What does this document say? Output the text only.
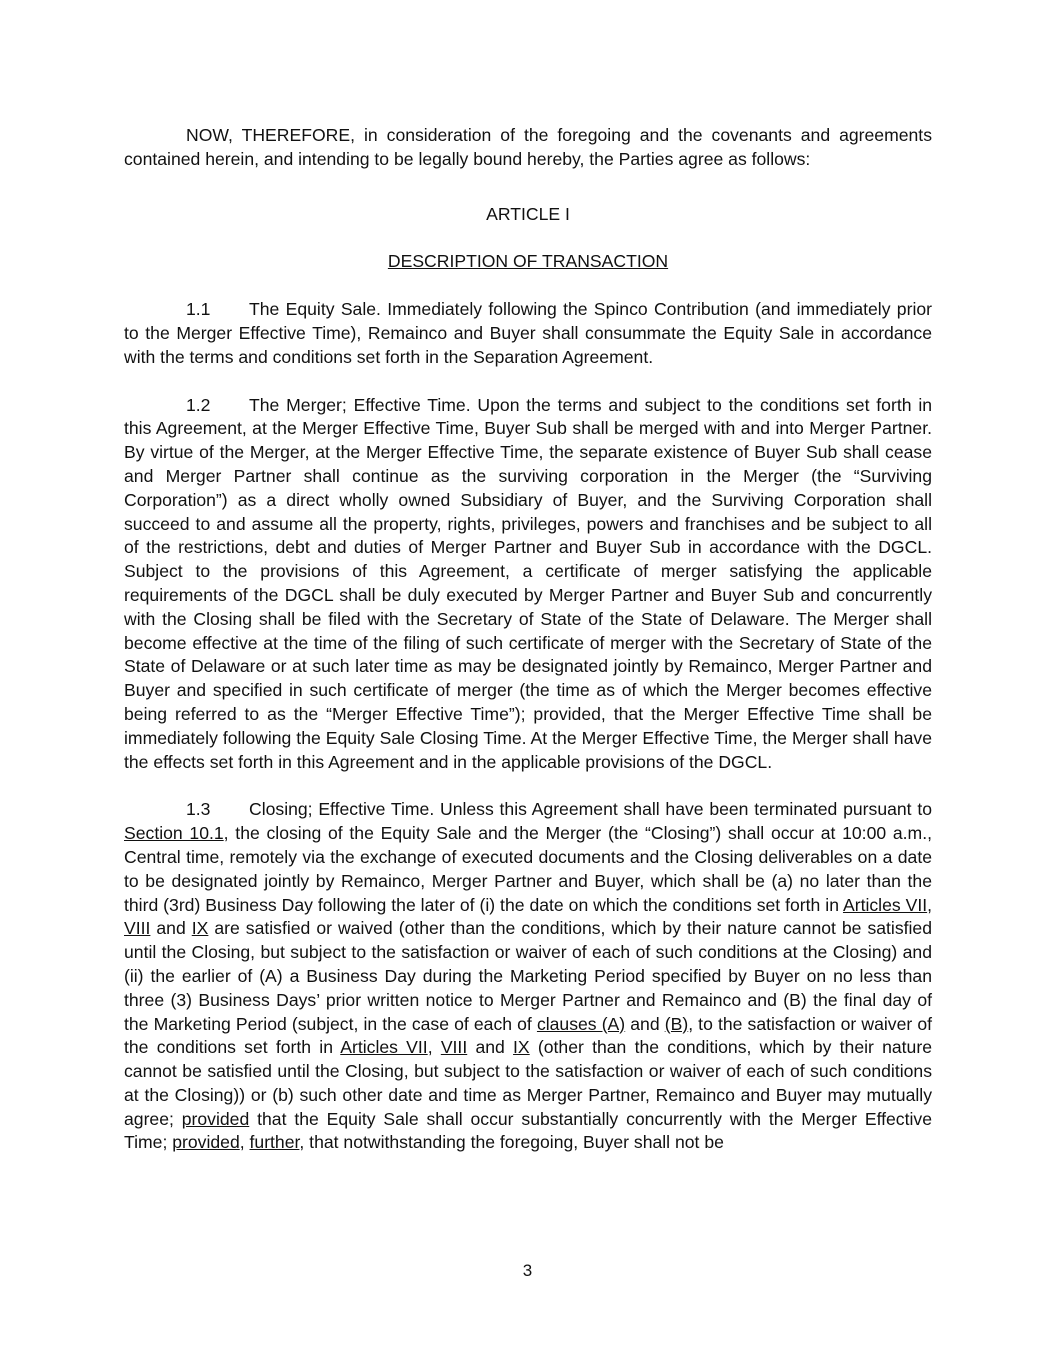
NOW, THEREFORE, in consideration of the foregoing and the covenants and agreements contained herein, and intending to be legally bound hereby, the Parties agree as follows:

ARTICLE I

DESCRIPTION OF TRANSACTION

1.1 The Equity Sale. Immediately following the Spinco Contribution (and immediately prior to the Merger Effective Time), Remainco and Buyer shall consummate the Equity Sale in accordance with the terms and conditions set forth in the Separation Agreement.

1.2 The Merger; Effective Time. Upon the terms and subject to the conditions set forth in this Agreement, at the Merger Effective Time, Buyer Sub shall be merged with and into Merger Partner. By virtue of the Merger, at the Merger Effective Time, the separate existence of Buyer Sub shall cease and Merger Partner shall continue as the surviving corporation in the Merger (the “Surviving Corporation”) as a direct wholly owned Subsidiary of Buyer, and the Surviving Corporation shall succeed to and assume all the property, rights, privileges, powers and franchises and be subject to all of the restrictions, debt and duties of Merger Partner and Buyer Sub in accordance with the DGCL. Subject to the provisions of this Agreement, a certificate of merger satisfying the applicable requirements of the DGCL shall be duly executed by Merger Partner and Buyer Sub and concurrently with the Closing shall be filed with the Secretary of State of the State of Delaware. The Merger shall become effective at the time of the filing of such certificate of merger with the Secretary of State of the State of Delaware or at such later time as may be designated jointly by Remainco, Merger Partner and Buyer and specified in such certificate of merger (the time as of which the Merger becomes effective being referred to as the “Merger Effective Time”); provided, that the Merger Effective Time shall be immediately following the Equity Sale Closing Time. At the Merger Effective Time, the Merger shall have the effects set forth in this Agreement and in the applicable provisions of the DGCL.

1.3 Closing; Effective Time. Unless this Agreement shall have been terminated pursuant to Section 10.1, the closing of the Equity Sale and the Merger (the “Closing”) shall occur at 10:00 a.m., Central time, remotely via the exchange of executed documents and the Closing deliverables on a date to be designated jointly by Remainco, Merger Partner and Buyer, which shall be (a) no later than the third (3rd) Business Day following the later of (i) the date on which the conditions set forth in Articles VII, VIII and IX are satisfied or waived (other than the conditions, which by their nature cannot be satisfied until the Closing, but subject to the satisfaction or waiver of each of such conditions at the Closing) and (ii) the earlier of (A) a Business Day during the Marketing Period specified by Buyer on no less than three (3) Business Days’ prior written notice to Merger Partner and Remainco and (B) the final day of the Marketing Period (subject, in the case of each of clauses (A) and (B), to the satisfaction or waiver of the conditions set forth in Articles VII, VIII and IX (other than the conditions, which by their nature cannot be satisfied until the Closing, but subject to the satisfaction or waiver of each of such conditions at the Closing)) or (b) such other date and time as Merger Partner, Remainco and Buyer may mutually agree; provided that the Equity Sale shall occur substantially concurrently with the Merger Effective Time; provided, further, that notwithstanding the foregoing, Buyer shall not be

3
